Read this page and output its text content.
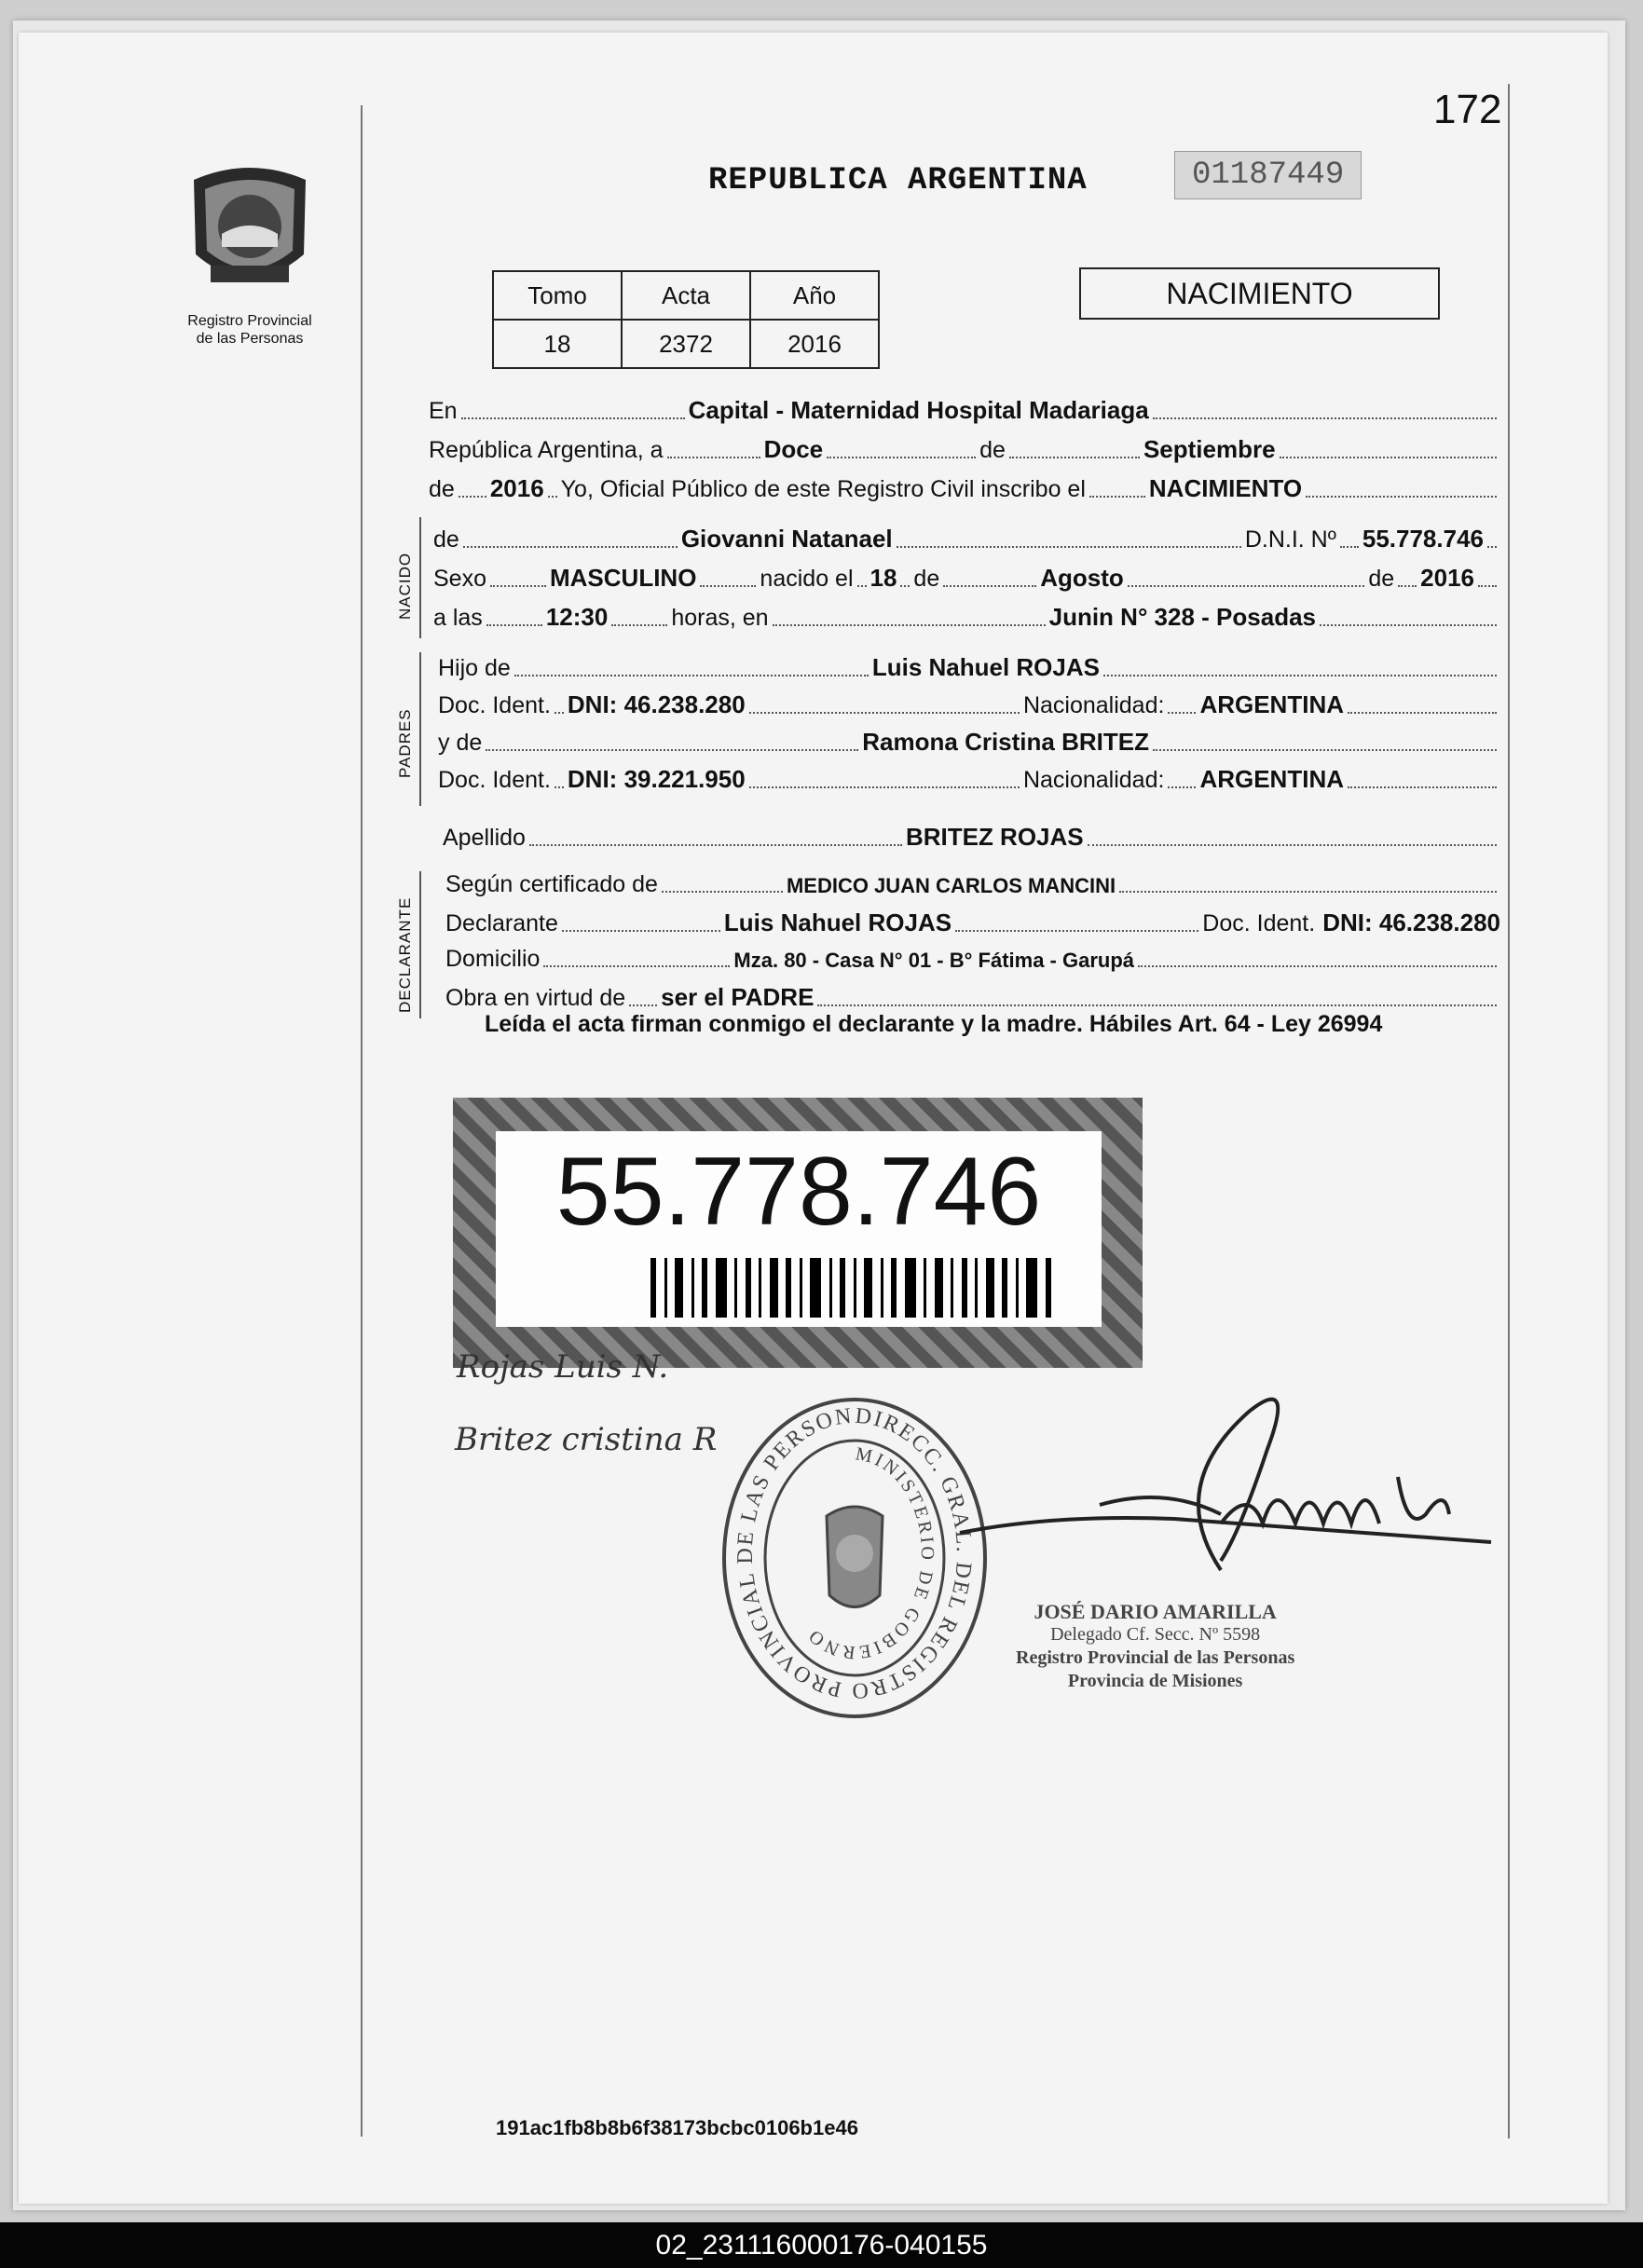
172
Registro Provincial
de las Personas
REPUBLICA ARGENTINA	01187449
Tomo	Acta	Año
18	2372	2016
NACIMIENTO
En	Capital - Maternidad Hospital Madariaga
República Argentina, a	Doce	de	Septiembre
de 2016 Yo, Oficial Público de este Registro Civil inscribo el	NACIMIENTO
NACIDO
de	Giovanni Natanael	D.N.I. Nº 55.778.746
Sexo	MASCULINO	nacido el 18 de	Agosto	de 2016
a las	12:30	horas, en	Junin N° 328 - Posadas
PADRES
Hijo de	Luis Nahuel ROJAS
Doc. Ident. DNI: 46.238.280	Nacionalidad: ARGENTINA
y de	Ramona Cristina BRITEZ
Doc. Ident. DNI: 39.221.950	Nacionalidad: ARGENTINA
Apellido	BRITEZ ROJAS
DECLARANTE
Según certificado de	MEDICO JUAN CARLOS MANCINI
Declarante	Luis Nahuel ROJAS	Doc. Ident. DNI: 46.238.280
Domicilio	Mza. 80 - Casa N° 01 - B° Fátima - Garupá
Obra en virtud de ser el PADRE
Leída el acta firman conmigo el declarante y la madre. Hábiles Art. 64 - Ley 26994
55.778.746
Rojas Luis N.
Britez cristina R
DIRECC. GRAL. DEL REGISTRO PROVINCIAL DE LAS PERSON
MINISTERIO DE GOBIERNO
JOSÉ DARIO AMARILLA
Delegado Cf. Secc. Nº 5598
Registro Provincial de las Personas
Provincia de Misiones
191ac1fb8b8b6f38173bcbc0106b1e46
02_231116000176-040155
